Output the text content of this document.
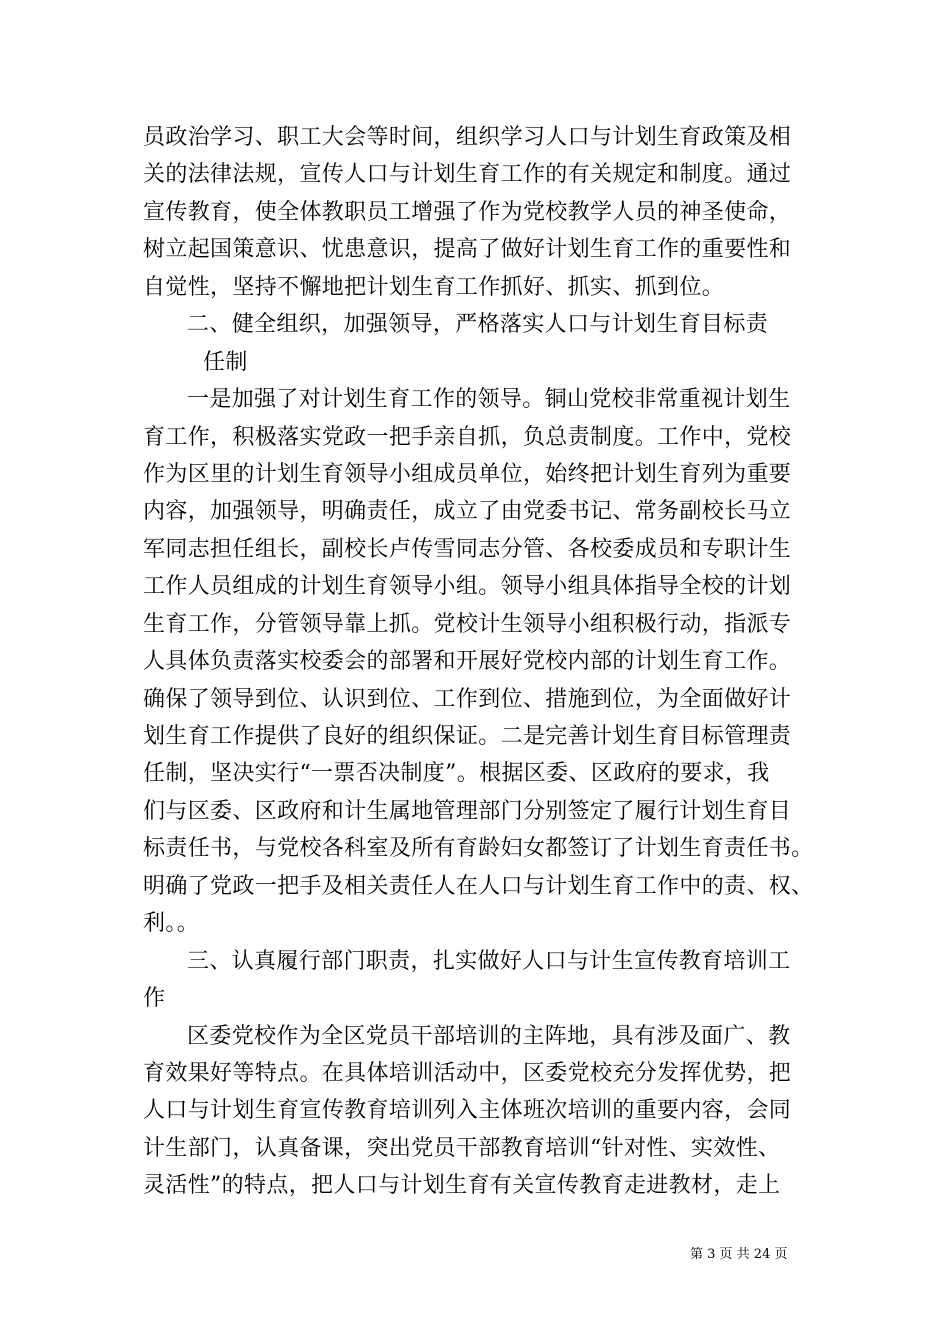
员政治学习、职工大会等时间，组织学习人口与计划生育政策及相
关的法律法规，宣传人口与计划生育工作的有关规定和制度。通过
宣传教育，使全体教职员工增强了作为党校教学人员的神圣使命，
树立起国策意识、忧患意识，提高了做好计划生育工作的重要性和
自觉性，坚持不懈地把计划生育工作抓好、抓实、抓到位。
二、健全组织，加强领导，严格落实人口与计划生育目标责
任制
一是加强了对计划生育工作的领导。铜山党校非常重视计划生
育工作，积极落实党政一把手亲自抓，负总责制度。工作中，党校
作为区里的计划生育领导小组成员单位，始终把计划生育列为重要
内容，加强领导，明确责任，成立了由党委书记、常务副校长马立
军同志担任组长，副校长卢传雪同志分管、各校委成员和专职计生
工作人员组成的计划生育领导小组。领导小组具体指导全校的计划
生育工作，分管领导靠上抓。党校计生领导小组积极行动，指派专
人具体负责落实校委会的部署和开展好党校内部的计划生育工作。
确保了领导到位、认识到位、工作到位、措施到位，为全面做好计
划生育工作提供了良好的组织保证。二是完善计划生育目标管理责
任制，坚决实行“一票否决制度”。根据区委、区政府的要求，我
们与区委、区政府和计生属地管理部门分别签定了履行计划生育目
标责任书，与党校各科室及所有育龄妇女都签订了计划生育责任书。
明确了党政一把手及相关责任人在人口与计划生育工作中的责、权、
利。。
三、认真履行部门职责，扎实做好人口与计生宣传教育培训工
作
区委党校作为全区党员干部培训的主阵地，具有涉及面广、教
育效果好等特点。在具体培训活动中，区委党校充分发挥优势，把
人口与计划生育宣传教育培训列入主体班次培训的重要内容，会同
计生部门，认真备课，突出党员干部教育培训“针对性、实效性、
灵活性”的特点，把人口与计划生育有关宣传教育走进教材，走上
第 3 页 共 24 页
